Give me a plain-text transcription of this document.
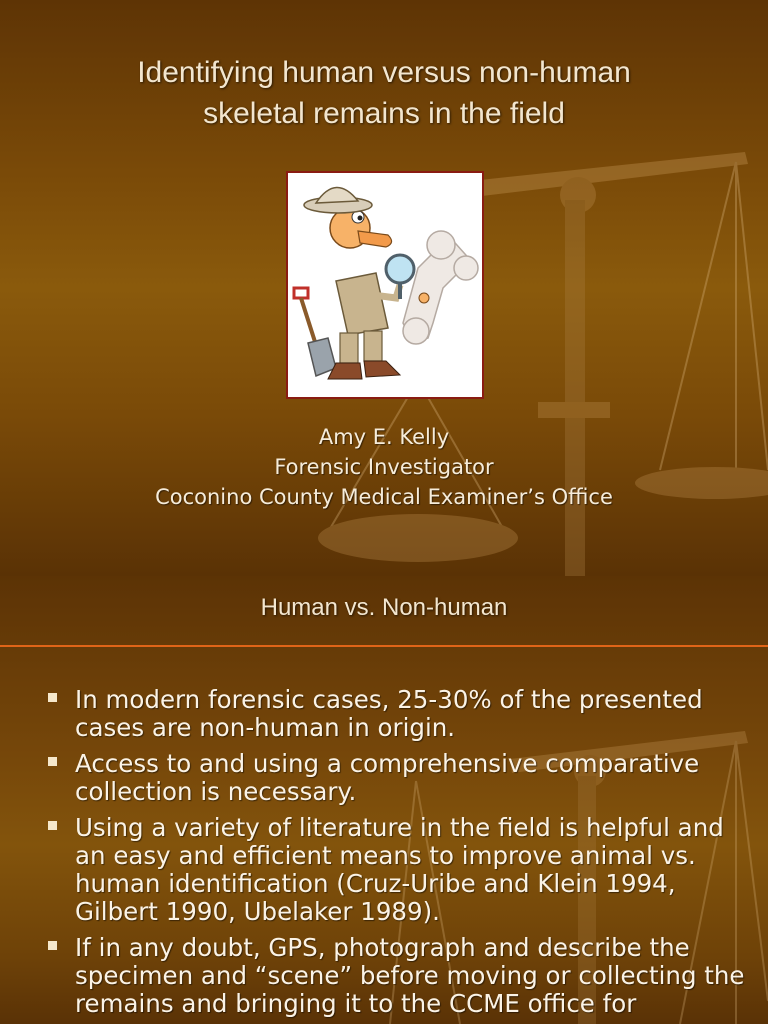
Identifying human versus non-human
skeletal remains in the field
Amy E. Kelly
Forensic Investigator
Coconino County Medical Examiner’s Office
Human vs. Non-human
In modern forensic cases, 25-30% of the presented cases are non-human in origin.
Access to and using a comprehensive comparative collection is necessary.
Using a variety of literature in the field is helpful and an easy and efficient means to improve animal vs. human identification (Cruz-Uribe and Klein 1994, Gilbert 1990, Ubelaker 1989).
If in any doubt, GPS, photograph and describe the specimen and “scene” before moving or collecting the remains and bringing it to the CCME office for
